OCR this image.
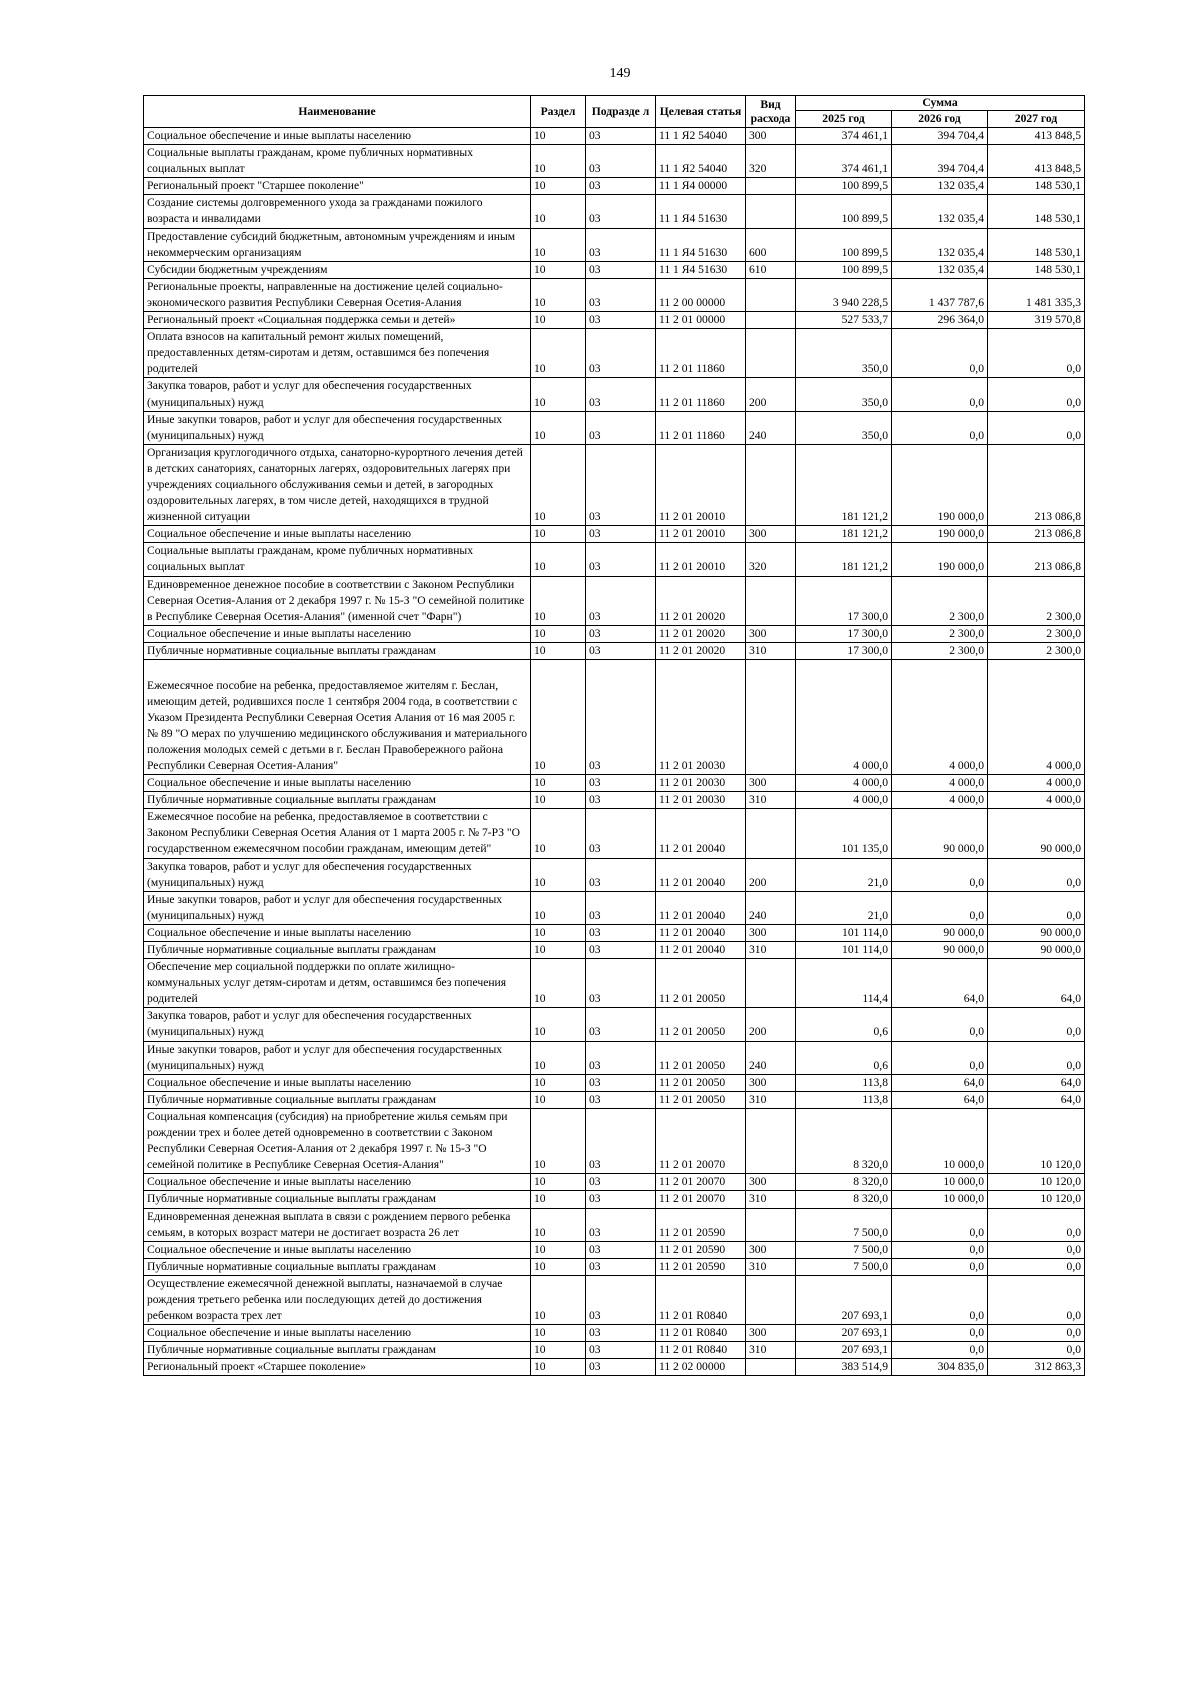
149
Наименование	Раздел	Подразде л	Целевая статья	Вид расхода	Сумма		
					2025 год	2026 год	2027 год
Социальное обеспечение и иные выплаты населению	10	03	11 1 Я2 54040	300	374 461,1	394 704,4	413 848,5
Социальные выплаты гражданам, кроме публичных нормативных социальных выплат	10	03	11 1 Я2 54040	320	374 461,1	394 704,4	413 848,5
Региональный проект "Старшее поколение"	10	03	11 1 Я4 00000		100 899,5	132 035,4	148 530,1
Создание системы долговременного ухода за гражданами пожилого возраста и инвалидами	10	03	11 1 Я4 51630		100 899,5	132 035,4	148 530,1
Предоставление субсидий бюджетным, автономным учреждениям и иным некоммерческим организациям	10	03	11 1 Я4 51630	600	100 899,5	132 035,4	148 530,1
Субсидии бюджетным учреждениям	10	03	11 1 Я4 51630	610	100 899,5	132 035,4	148 530,1
Региональные проекты, направленные на достижение целей социально-экономического развития Республики Северная Осетия-Алания	10	03	11 2 00 00000		3 940 228,5	1 437 787,6	1 481 335,3
Региональный проект «Социальная поддержка семьи и детей»	10	03	11 2 01 00000		527 533,7	296 364,0	319 570,8
Оплата взносов на капитальный ремонт жилых помещений, предоставленных детям-сиротам и детям, оставшимся без попечения родителей	10	03	11 2 01 11860		350,0	0,0	0,0
Закупка товаров, работ и услуг для обеспечения государственных (муниципальных) нужд	10	03	11 2 01 11860	200	350,0	0,0	0,0
Иные закупки товаров, работ и услуг для обеспечения государственных (муниципальных) нужд	10	03	11 2 01 11860	240	350,0	0,0	0,0
Организация круглогодичного отдыха, санаторно-курортного лечения детей в детских санаториях, санаторных лагерях, оздоровительных лагерях при учреждениях социального обслуживания семьи и детей, в загородных оздоровительных лагерях, в том числе детей, находящихся в трудной жизненной ситуации	10	03	11 2 01 20010		181 121,2	190 000,0	213 086,8
Социальное обеспечение и иные выплаты населению	10	03	11 2 01 20010	300	181 121,2	190 000,0	213 086,8
Социальные выплаты гражданам, кроме публичных нормативных социальных выплат	10	03	11 2 01 20010	320	181 121,2	190 000,0	213 086,8
Единовременное денежное пособие в соответствии с Законом Республики Северная Осетия-Алания от 2 декабря 1997 г. № 15-З "О семейной политике в Республике Северная Осетия-Алания" (именной счет "Фарн")	10	03	11 2 01 20020		17 300,0	2 300,0	2 300,0
Социальное обеспечение и иные выплаты населению	10	03	11 2 01 20020	300	17 300,0	2 300,0	2 300,0
Публичные нормативные социальные выплаты гражданам	10	03	11 2 01 20020	310	17 300,0	2 300,0	2 300,0

Ежемесячное пособие на ребенка, предоставляемое жителям г. Беслан, имеющим детей, родившихся после 1 сентября 2004 года, в соответствии с Указом Президента Республики Северная Осетия Алания от 16 мая 2005 г. № 89 "О мерах по улучшению медицинского обслуживания и материального положения молодых семей с детьми в г. Беслан Правобережного района Республики Северная Осетия-Алания"	10	03	11 2 01 20030		4 000,0	4 000,0	4 000,0
Социальное обеспечение и иные выплаты населению	10	03	11 2 01 20030	300	4 000,0	4 000,0	4 000,0
Публичные нормативные социальные выплаты гражданам	10	03	11 2 01 20030	310	4 000,0	4 000,0	4 000,0
Ежемесячное пособие на ребенка, предоставляемое в соответствии с Законом Республики Северная Осетия Алания от 1 марта 2005 г. № 7-РЗ "О государственном ежемесячном пособии гражданам, имеющим детей"	10	03	11 2 01 20040		101 135,0	90 000,0	90 000,0
Закупка товаров, работ и услуг для обеспечения государственных (муниципальных) нужд	10	03	11 2 01 20040	200	21,0	0,0	0,0
Иные закупки товаров, работ и услуг для обеспечения государственных (муниципальных) нужд	10	03	11 2 01 20040	240	21,0	0,0	0,0
Социальное обеспечение и иные выплаты населению	10	03	11 2 01 20040	300	101 114,0	90 000,0	90 000,0
Публичные нормативные социальные выплаты гражданам	10	03	11 2 01 20040	310	101 114,0	90 000,0	90 000,0
Обеспечение мер социальной поддержки по оплате жилищно-коммунальных услуг детям-сиротам и детям, оставшимся без попечения родителей	10	03	11 2 01 20050		114,4	64,0	64,0
Закупка товаров, работ и услуг для обеспечения государственных (муниципальных) нужд	10	03	11 2 01 20050	200	0,6	0,0	0,0
Иные закупки товаров, работ и услуг для обеспечения государственных (муниципальных) нужд	10	03	11 2 01 20050	240	0,6	0,0	0,0
Социальное обеспечение и иные выплаты населению	10	03	11 2 01 20050	300	113,8	64,0	64,0
Публичные нормативные социальные выплаты гражданам	10	03	11 2 01 20050	310	113,8	64,0	64,0
Социальная компенсация (субсидия) на приобретение жилья семьям при рождении трех и более детей одновременно в соответствии с Законом Республики Северная Осетия-Алания от 2 декабря 1997 г. № 15-З "О семейной политике в Республике Северная Осетия-Алания"	10	03	11 2 01 20070		8 320,0	10 000,0	10 120,0
Социальное обеспечение и иные выплаты населению	10	03	11 2 01 20070	300	8 320,0	10 000,0	10 120,0
Публичные нормативные социальные выплаты гражданам	10	03	11 2 01 20070	310	8 320,0	10 000,0	10 120,0
Единовременная денежная выплата в связи с рождением первого ребенка семьям, в которых возраст матери не достигает возраста 26 лет	10	03	11 2 01 20590		7 500,0	0,0	0,0
Социальное обеспечение и иные выплаты населению	10	03	11 2 01 20590	300	7 500,0	0,0	0,0
Публичные нормативные социальные выплаты гражданам	10	03	11 2 01 20590	310	7 500,0	0,0	0,0
Осуществление ежемесячной денежной выплаты, назначаемой в случае рождения третьего ребенка или последующих детей до достижения ребенком возраста трех лет	10	03	11 2 01 R0840		207 693,1	0,0	0,0
Социальное обеспечение и иные выплаты населению	10	03	11 2 01 R0840	300	207 693,1	0,0	0,0
Публичные нормативные социальные выплаты гражданам	10	03	11 2 01 R0840	310	207 693,1	0,0	0,0
Региональный проект «Старшее поколение»	10	03	11 2 02 00000		383 514,9	304 835,0	312 863,3
